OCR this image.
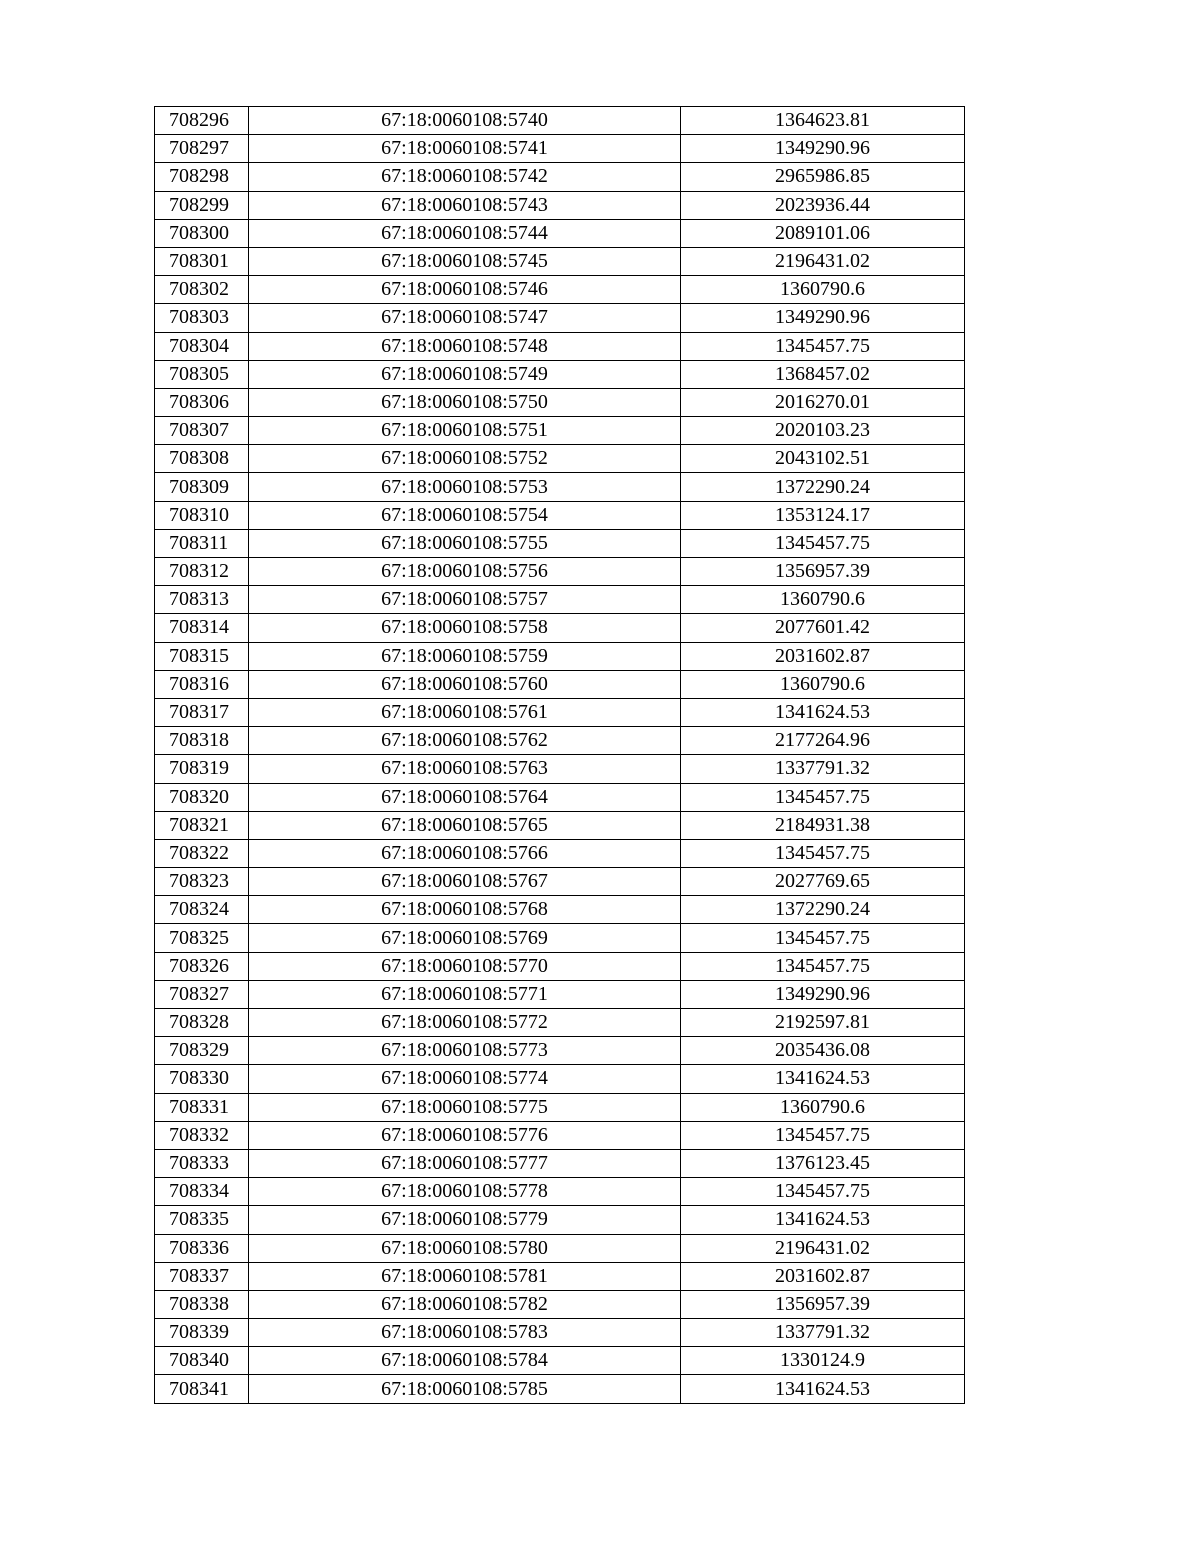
708296	67:18:0060108:5740	1364623.81
708297	67:18:0060108:5741	1349290.96
708298	67:18:0060108:5742	2965986.85
708299	67:18:0060108:5743	2023936.44
708300	67:18:0060108:5744	2089101.06
708301	67:18:0060108:5745	2196431.02
708302	67:18:0060108:5746	1360790.6
708303	67:18:0060108:5747	1349290.96
708304	67:18:0060108:5748	1345457.75
708305	67:18:0060108:5749	1368457.02
708306	67:18:0060108:5750	2016270.01
708307	67:18:0060108:5751	2020103.23
708308	67:18:0060108:5752	2043102.51
708309	67:18:0060108:5753	1372290.24
708310	67:18:0060108:5754	1353124.17
708311	67:18:0060108:5755	1345457.75
708312	67:18:0060108:5756	1356957.39
708313	67:18:0060108:5757	1360790.6
708314	67:18:0060108:5758	2077601.42
708315	67:18:0060108:5759	2031602.87
708316	67:18:0060108:5760	1360790.6
708317	67:18:0060108:5761	1341624.53
708318	67:18:0060108:5762	2177264.96
708319	67:18:0060108:5763	1337791.32
708320	67:18:0060108:5764	1345457.75
708321	67:18:0060108:5765	2184931.38
708322	67:18:0060108:5766	1345457.75
708323	67:18:0060108:5767	2027769.65
708324	67:18:0060108:5768	1372290.24
708325	67:18:0060108:5769	1345457.75
708326	67:18:0060108:5770	1345457.75
708327	67:18:0060108:5771	1349290.96
708328	67:18:0060108:5772	2192597.81
708329	67:18:0060108:5773	2035436.08
708330	67:18:0060108:5774	1341624.53
708331	67:18:0060108:5775	1360790.6
708332	67:18:0060108:5776	1345457.75
708333	67:18:0060108:5777	1376123.45
708334	67:18:0060108:5778	1345457.75
708335	67:18:0060108:5779	1341624.53
708336	67:18:0060108:5780	2196431.02
708337	67:18:0060108:5781	2031602.87
708338	67:18:0060108:5782	1356957.39
708339	67:18:0060108:5783	1337791.32
708340	67:18:0060108:5784	1330124.9
708341	67:18:0060108:5785	1341624.53
